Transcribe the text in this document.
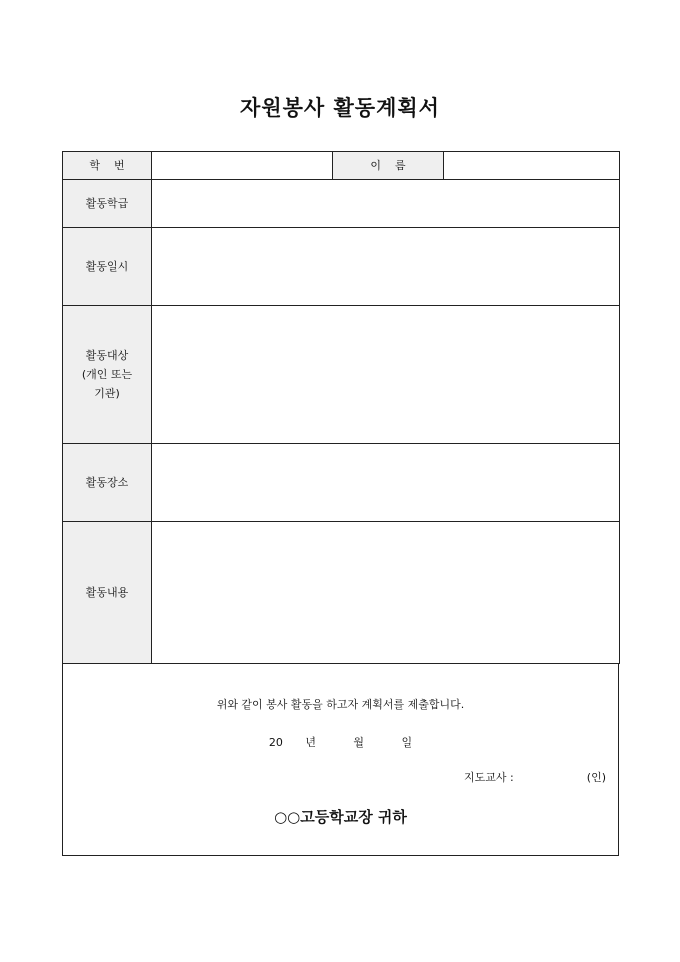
자원봉사 활동계획서
학    번		이    름	
활동학급			
활동일시			

활동대상
(개인 또는
기관)			

활동장소			
활동내용			
위와 같이 봉사 활동을 하고자 계획서를 제출합니다.
20   년     월     일
지도교사 :	(인)
○○고등학교장 귀하
